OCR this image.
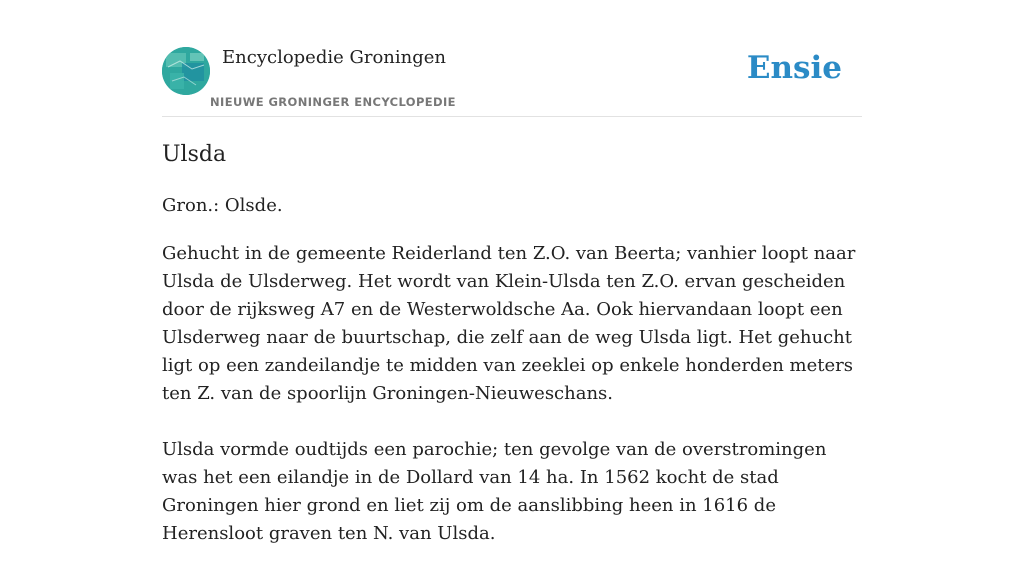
Encyclopedie Groningen
NIEUWE GRONINGER ENCYCLOPEDIE
Ensie
Ulsda

Gron.: Olsde.

Gehucht in de gemeente Reiderland ten Z.O. van Beerta; vanhier loopt naar Ulsda de Ulsderweg. Het wordt van Klein-Ulsda ten Z.O. ervan gescheiden door de rijksweg A7 en de Westerwoldsche Aa. Ook hiervandaan loopt een Ulsderweg naar de buurtschap, die zelf aan de weg Ulsda ligt. Het gehucht ligt op een zandeilandje te midden van zeeklei op enkele honderden meters ten Z. van de spoorlijn Groningen-Nieuweschans.

Ulsda vormde oudtijds een parochie; ten gevolge van de overstromingen was het een eilandje in de Dollard van 14 ha. In 1562 kocht de stad Groningen hier grond en liet zij om de aanslibbing heen in 1616 de Herensloot graven ten N. van Ulsda.
